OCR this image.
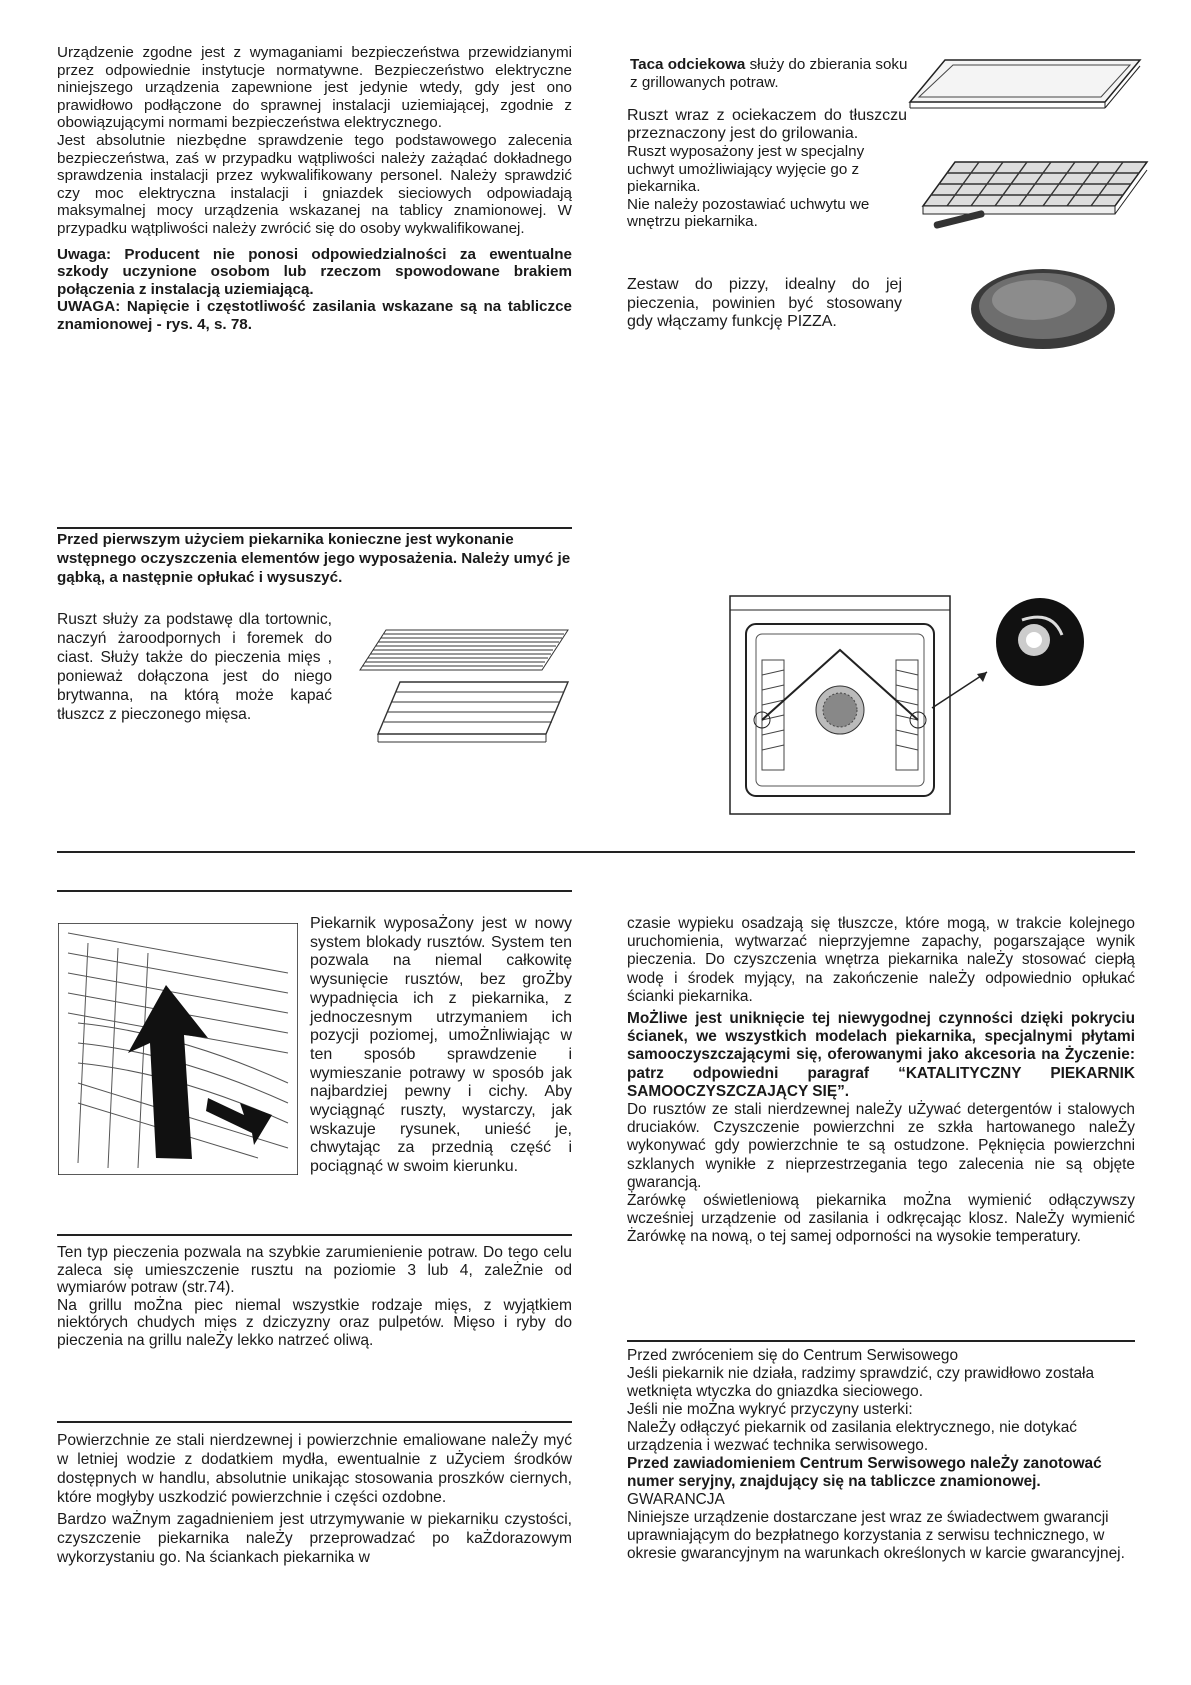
Urządzenie zgodne jest z wymaganiami bezpieczeństwa przewidzianymi przez odpowiednie instytucje normatywne. Bezpieczeństwo elektryczne niniejszego urządzenia zapewnione jest jedynie wtedy, gdy jest ono prawidłowo podłączone do sprawnej instalacji uziemiającej, zgodnie z obowiązującymi normami bezpieczeństwa elektrycznego.

Jest absolutnie niezbędne sprawdzenie tego podstawowego zalecenia bezpieczeństwa, zaś w przypadku wątpliwości należy zażądać dokładnego sprawdzenia instalacji przez wykwalifikowany personel. Należy sprawdzić czy moc elektryczna instalacji i gniazdek sieciowych odpowiadają maksymalnej mocy urządzenia wskazanej na tablicy znamionowej. W przypadku wątpliwości należy zwrócić się do osoby wykwalifikowanej.

Uwaga: Producent nie ponosi odpowiedzialności za ewentualne szkody uczynione osobom lub rzeczom spowodowane brakiem połączenia z instalacją uziemiającą.

UWAGA: Napięcie i częstotliwość zasilania wskazane są na tabliczce znamionowej - rys. 4, s. 78.

Taca odciekowa służy do zbierania soku z grillowanych potraw.

Ruszt wraz z ociekaczem do tłuszczu przeznaczony jest do grilowania.

Ruszt wyposażony jest w specjalny uchwyt umożliwiający wyjęcie go z piekarnika.

Nie należy pozostawiać uchwytu we wnętrzu piekarnika.

Zestaw do pizzy, idealny do jej pieczenia, powinien być stosowany gdy włączamy funkcję PIZZA.

Przed pierwszym użyciem piekarnika konieczne jest wykonanie wstępnego oczyszczenia elementów jego wyposażenia. Należy umyć je gąbką, a następnie opłukać i wysuszyć.

Ruszt służy za podstawę dla tortownic, naczyń żaroodpornych i foremek do ciast. Służy także do pieczenia mięs , ponieważ dołączona jest do niego brytwanna, na którą może kapać tłuszcz z pieczonego mięsa.

Piekarnik wyposaŻony jest w nowy system blokady rusztów. System ten pozwala na niemal całkowitę wysunięcie rusztów, bez groŻby wypadnięcia ich z piekarnika, z jednoczesnym utrzymaniem ich pozycji poziomej, umoŻnliwiając w ten sposób sprawdzenie i wymieszanie potrawy w sposób jak najbardziej pewny i cichy. Aby wyciągnąć ruszty, wystarczy, jak wskazuje rysunek, unieść je, chwytając za przednią część i pociągnąć w swoim kierunku.

Ten typ pieczenia pozwala na szybkie zarumienienie potraw. Do tego celu zaleca się umieszczenie rusztu na poziomie 3 lub 4, zaleŻnie od wymiarów potraw (str.74).

Na grillu moŻna piec niemal wszystkie rodzaje mięs, z wyjątkiem niektórych chudych mięs z dziczyzny oraz pulpetów. Mięso i ryby do pieczenia na grillu naleŻy lekko natrzeć oliwą.

Powierzchnie ze stali nierdzewnej i powierzchnie emaliowane naleŻy myć w letniej wodzie z dodatkiem mydła, ewentualnie z uŻyciem środków dostępnych w handlu, absolutnie unikając stosowania proszków ciernych, które mogłyby uszkodzić powierzchnie i części ozdobne.

Bardzo waŻnym zagadnieniem jest utrzymywanie w piekarniku czystości, czyszczenie piekarnika naleŻy przeprowadzać po kaŻdorazowym wykorzystaniu go. Na ściankach piekarnika w

czasie wypieku osadzają się tłuszcze, które mogą, w trakcie kolejnego uruchomienia, wytwarzać nieprzyjemne zapachy, pogarszające wynik pieczenia. Do czyszczenia wnętrza piekarnika naleŻy stosować ciepłą wodę i środek myjący, na zakończenie naleŻy odpowiednio opłukać ścianki piekarnika.

MoŻliwe jest uniknięcie tej niewygodnej czynności dzięki pokryciu ścianek, we wszystkich modelach piekarnika, specjalnymi płytami samooczyszczającymi się, oferowanymi jako akcesoria na Życzenie: patrz odpowiedni paragraf “KATALITYCZNY PIEKARNIK SAMOOCZYSZCZAJĄCY SIĘ”.

Do rusztów ze stali nierdzewnej naleŻy uŻywać detergentów i stalowych druciaków. Czyszczenie powierzchni ze szkła hartowanego naleŻy wykonywać gdy powierzchnie te są ostudzone. Pęknięcia powierzchni szklanych wynikłe z nieprzestrzegania tego zalecenia nie są objęte gwarancją.

Żarówkę oświetleniową piekarnika moŻna wymienić odłączywszy wcześniej urządzenie od zasilania i odkręcając klosz. NaleŻy wymienić Żarówkę na nową, o tej samej odporności na wysokie temperatury.

Przed zwróceniem się do Centrum Serwisowego

Jeśli piekarnik nie działa, radzimy sprawdzić, czy prawidłowo została wetknięta wtyczka do gniazdka sieciowego.

Jeśli nie moŻna wykryć przyczyny usterki:

NaleŻy odłączyć piekarnik od zasilania elektrycznego, nie dotykać urządzenia i wezwać technika serwisowego.

Przed zawiadomieniem Centrum Serwisowego naleŻy zanotować numer seryjny, znajdujący się na tabliczce znamionowej.

GWARANCJA

Niniejsze urządzenie dostarczane jest wraz ze świadectwem gwarancji uprawniającym do bezpłatnego korzystania z serwisu technicznego, w okresie gwarancyjnym na warunkach określonych w karcie gwarancyjnej.
